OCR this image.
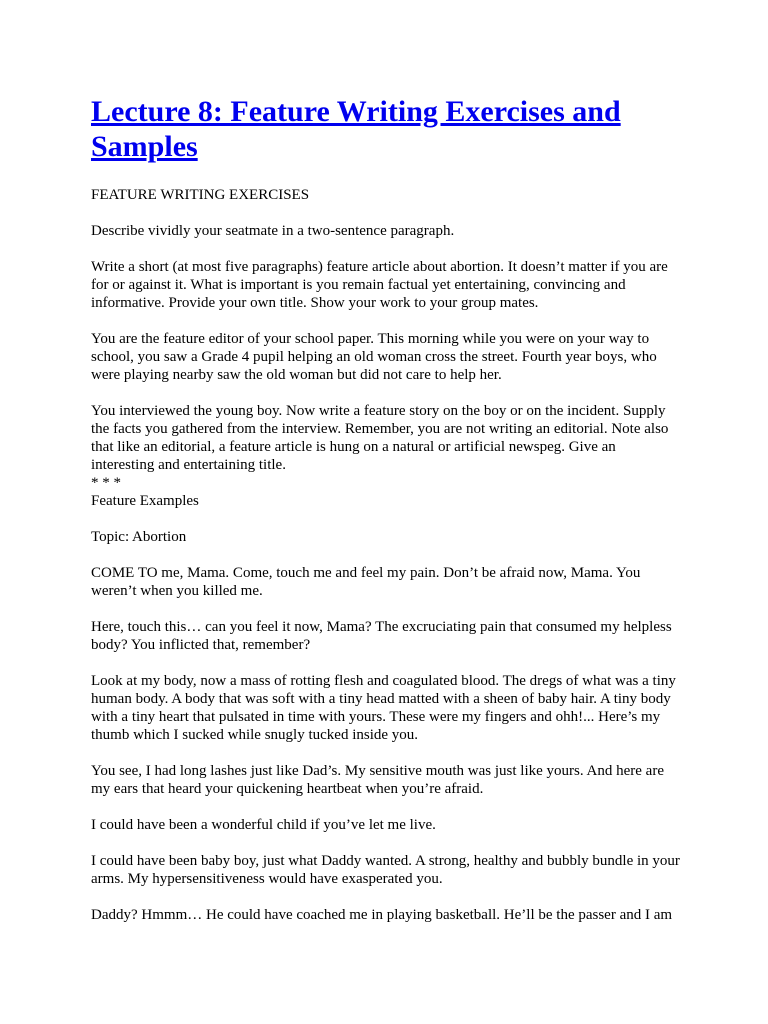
Lecture 8: Feature Writing Exercises and Samples

FEATURE WRITING EXERCISES

Describe vividly your seatmate in a two-sentence paragraph.

Write a short (at most five paragraphs) feature article about abortion. It doesn’t matter if you are for or against it. What is important is you remain factual yet entertaining, convincing and informative. Provide your own title. Show your work to your group mates.

You are the feature editor of your school paper. This morning while you were on your way to school, you saw a Grade 4 pupil helping an old woman cross the street. Fourth year boys, who were playing nearby saw the old woman but did not care to help her.

You interviewed the young boy. Now write a feature story on the boy or on the incident. Supply the facts you gathered from the interview. Remember, you are not writing an editorial. Note also that like an editorial, a feature article is hung on a natural or artificial newspeg. Give an interesting and entertaining title.

* * *

Feature Examples

Topic: Abortion

COME TO me, Mama. Come, touch me and feel my pain. Don’t be afraid now, Mama. You weren’t when you killed me.

Here, touch this… can you feel it now, Mama? The excruciating pain that consumed my helpless body? You inflicted that, remember?

Look at my body, now a mass of rotting flesh and coagulated blood. The dregs of what was a tiny human body. A body that was soft with a tiny head matted with a sheen of baby hair. A tiny body with a tiny heart that pulsated in time with yours. These were my fingers and ohh!... Here’s my thumb which I sucked while snugly tucked inside you.

You see, I had long lashes just like Dad’s. My sensitive mouth was just like yours. And here are my ears that heard your quickening heartbeat when you’re afraid.

I could have been a wonderful child if you’ve let me live.

I could have been baby boy, just what Daddy wanted. A strong, healthy and bubbly bundle in your arms. My hypersensitiveness would have exasperated you.

Daddy? Hmmm… He could have coached me in playing basketball. He’ll be the passer and I am
